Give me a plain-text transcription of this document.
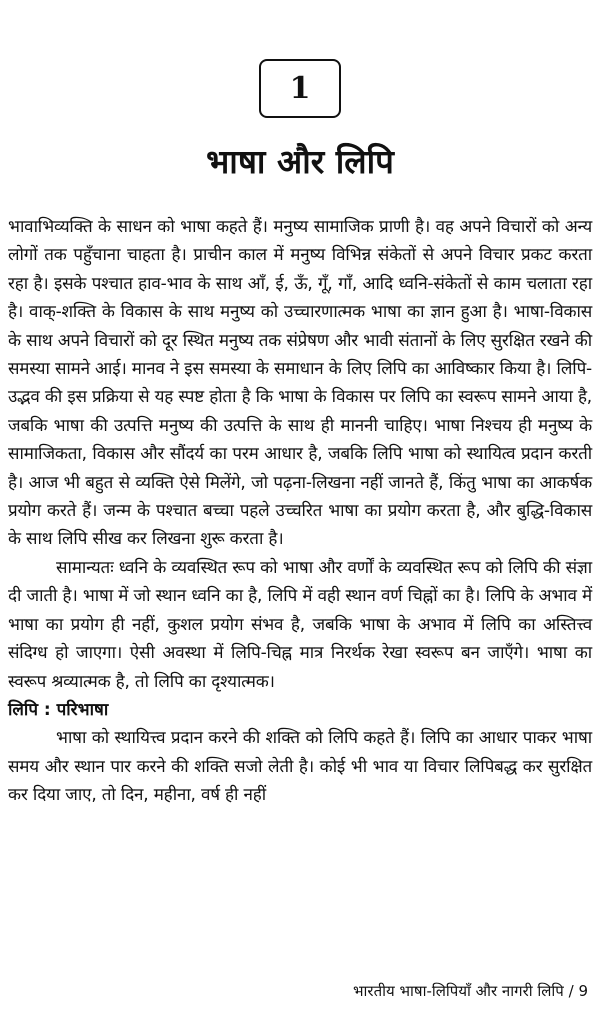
1
भाषा और लिपि

भावाभिव्यक्ति के साधन को भाषा कहते हैं। मनुष्य सामाजिक प्राणी है। वह अपने विचारों को अन्य लोगों तक पहुँचाना चाहता है। प्राचीन काल में मनुष्य विभिन्न संकेतों से अपने विचार प्रकट करता रहा है। इसके पश्चात हाव-भाव के साथ आँ, ई, ऊँ, गूँ, गाँ, आदि ध्वनि-संकेतों से काम चलाता रहा है। वाक्-शक्ति के विकास के साथ मनुष्य को उच्चारणात्मक भाषा का ज्ञान हुआ है। भाषा-विकास के साथ अपने विचारों को दूर स्थित मनुष्य तक संप्रेषण और भावी संतानों के लिए सुरक्षित रखने की समस्या सामने आई। मानव ने इस समस्या के समाधान के लिए लिपि का आविष्कार किया है। लिपि-उद्भव की इस प्रक्रिया से यह स्पष्ट होता है कि भाषा के विकास पर लिपि का स्वरूप सामने आया है, जबकि भाषा की उत्पत्ति मनुष्य की उत्पत्ति के साथ ही माननी चाहिए। भाषा निश्चय ही मनुष्य के सामाजिकता, विकास और सौंदर्य का परम आधार है, जबकि लिपि भाषा को स्थायित्व प्रदान करती है। आज भी बहुत से व्यक्ति ऐसे मिलेंगे, जो पढ़ना-लिखना नहीं जानते हैं, किंतु भाषा का आकर्षक प्रयोग करते हैं। जन्म के पश्चात बच्चा पहले उच्चरित भाषा का प्रयोग करता है, और बुद्धि-विकास के साथ लिपि सीख कर लिखना शुरू करता है।

सामान्यतः ध्वनि के व्यवस्थित रूप को भाषा और वर्णों के व्यवस्थित रूप को लिपि की संज्ञा दी जाती है। भाषा में जो स्थान ध्वनि का है, लिपि में वही स्थान वर्ण चिह्नों का है। लिपि के अभाव में भाषा का प्रयोग ही नहीं, कुशल प्रयोग संभव है, जबकि भाषा के अभाव में लिपि का अस्तित्त्व संदिग्ध हो जाएगा। ऐसी अवस्था में लिपि-चिह्न मात्र निरर्थक रेखा स्वरूप बन जाएँगे। भाषा का स्वरूप श्रव्यात्मक है, तो लिपि का दृश्यात्मक।

लिपि : परिभाषा

भाषा को स्थायित्त्व प्रदान करने की शक्ति को लिपि कहते हैं। लिपि का आधार पाकर भाषा समय और स्थान पार करने की शक्ति सजो लेती है। कोई भी भाव या विचार लिपिबद्ध कर सुरक्षित कर दिया जाए, तो दिन, महीना, वर्ष ही नहीं

भारतीय भाषा-लिपियाँ और नागरी लिपि / 9
